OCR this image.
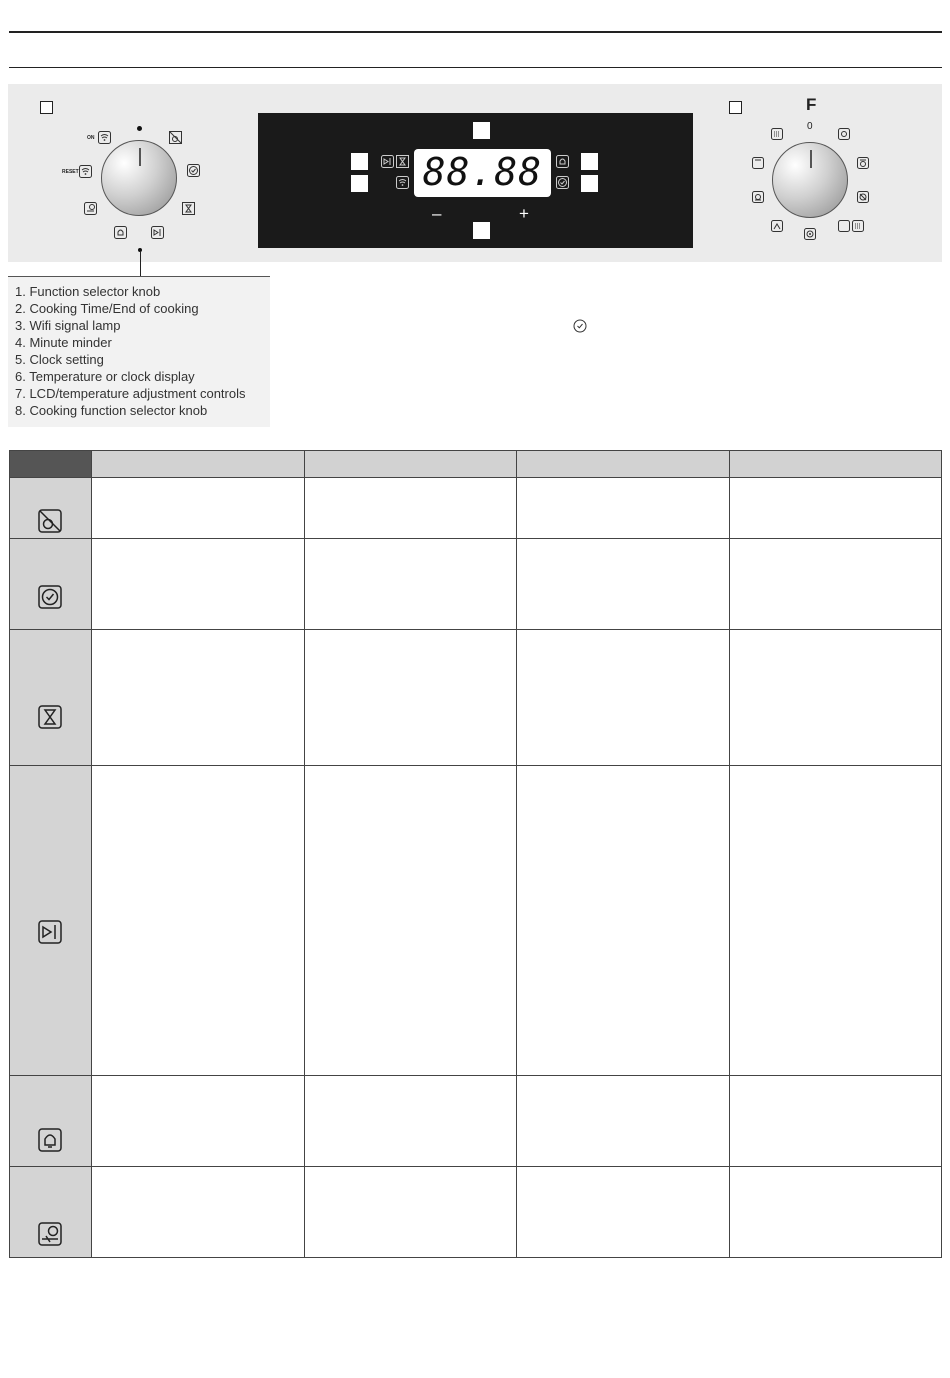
ON
RESET	88.88
–	+
F
0
1. Function selector knob
2. Cooking Time/End of cooking
3. Wifi signal lamp
4. Minute minder
5. Clock setting
6. Temperature or clock display
7. LCD/temperature adjustment controls
8. Cooking function selector knob
